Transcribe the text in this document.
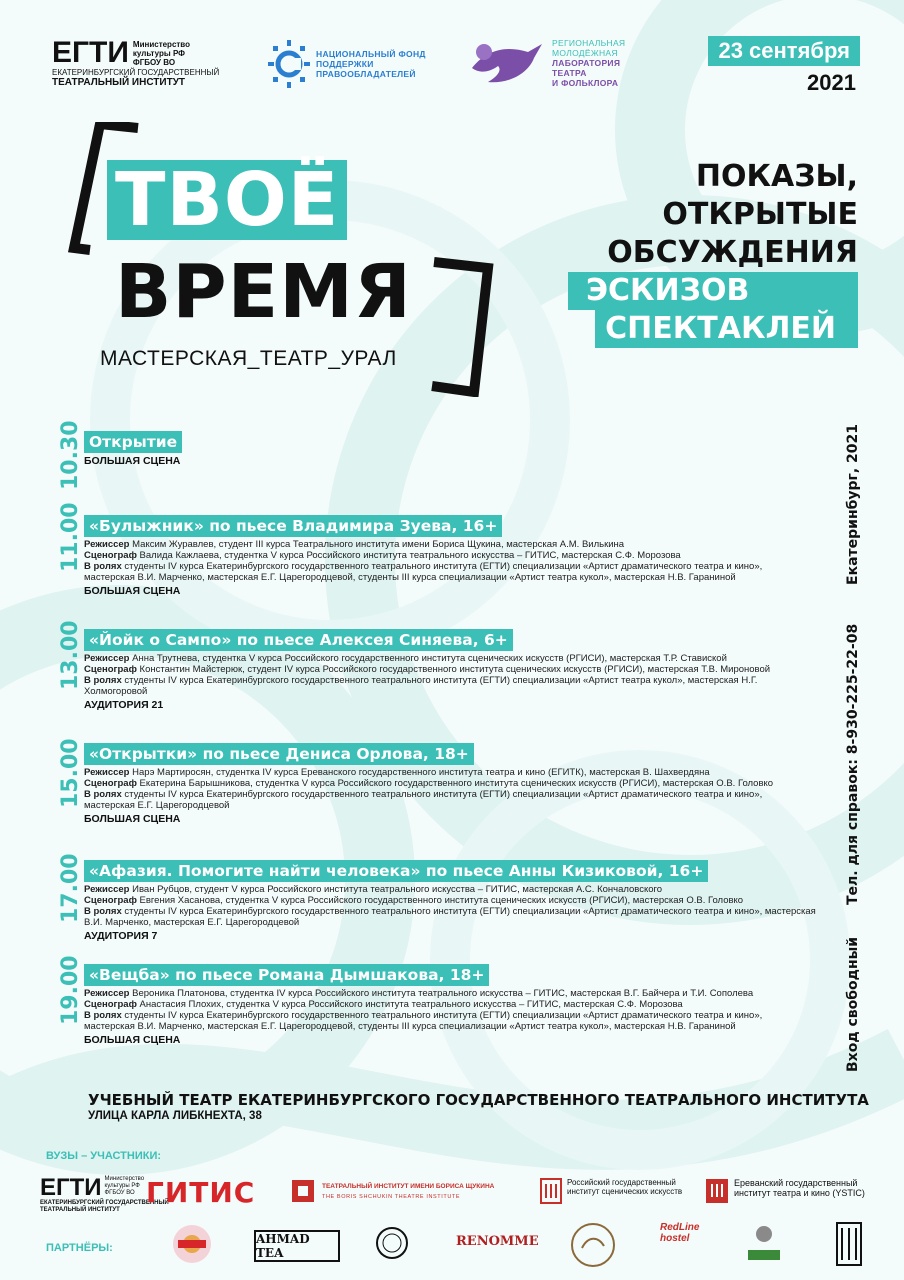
ЕГТИ Министерство культуры РФ
ФГБОУ ВО
ЕКАТЕРИНБУРГСКИЙ ГОСУДАРСТВЕННЫЙ
ТЕАТРАЛЬНЫЙ ИНСТИТУТ
НАЦИОНАЛЬНЫЙ ФОНД
ПОДДЕРЖКИ
ПРАВООБЛАДАТЕЛЕЙ
РЕГИОНАЛЬНАЯ
МОЛОДЁЖНАЯ
ЛАБОРАТОРИЯ
ТЕАТРА
И ФОЛЬКЛОРА
23 сентября
2021
ТВОЁ
ВРЕМЯ
МАСТЕРСКАЯ_ТЕАТР_УРАЛ
ПОКАЗЫ,
ОТКРЫТЫЕ
ОБСУЖДЕНИЯ
ЭСКИЗОВ
СПЕКТАКЛЕЙ
Екатеринбург, 2021
Тел. для справок: 8-930-225-22-08
Вход свободный
10.30 Открытие
БОЛЬШАЯ СЦЕНА
11.00 «Булыжник» по пьесе Владимира Зуева, 16+
Режиссер Максим Журавлев, студент III курса Театрального института имени Бориса Щукина, мастерская А.М. Вилькина
Сценограф Валида Кажлаева, студентка V курса Российского института театрального искусства – ГИТИС, мастерская С.Ф. Морозова
В ролях студенты IV курса Екатеринбургского государственного театрального института (ЕГТИ) специализации «Артист драматического театра и кино», мастерская В.И. Марченко, мастерская Е.Г. Царегородцевой, студенты III курса специализации «Артист театра кукол», мастерская Н.В. Гараниной
БОЛЬШАЯ СЦЕНА
13.00 «Йойк о Сампо» по пьесе Алексея Синяева, 6+
Режиссер Анна Трутнева, студентка V курса Российского государственного института сценических искусств (РГИСИ), мастерская Т.Р. Ставиской
Сценограф Константин Майстерюк, студент IV курса Российского государственного института сценических искусств (РГИСИ), мастерская Т.В. Мироновой
В ролях студенты IV курса Екатеринбургского государственного театрального института (ЕГТИ) специализации «Артист театра кукол», мастерская Н.Г. Холмогоровой
АУДИТОРИЯ 21
15.00 «Открытки» по пьесе Дениса Орлова, 18+
Режиссер Нарэ Мартиросян, студентка IV курса Ереванского государственного института театра и кино (ЕГИТК), мастерская В. Шахвердяна
Сценограф Екатерина Барышникова, студентка V курса Российского государственного института сценических искусств (РГИСИ), мастерская О.В. Головко
В ролях студенты IV курса Екатеринбургского государственного театрального института (ЕГТИ) специализации «Артист драматического театра и кино», мастерская Е.Г. Царегородцевой
БОЛЬШАЯ СЦЕНА
17.00 «Афазия. Помогите найти человека» по пьесе Анны Кизиковой, 16+
Режиссер Иван Рубцов, студент V курса Российского института театрального искусства – ГИТИС, мастерская А.С. Кончаловского
Сценограф Евгения Хасанова, студентка V курса Российского государственного института сценических искусств (РГИСИ), мастерская О.В. Головко
В ролях студенты IV курса Екатеринбургского государственного театрального института (ЕГТИ) специализации «Артист драматического театра и кино», мастерская В.И. Марченко, мастерская Е.Г. Царегородцевой
АУДИТОРИЯ 7
19.00 «Вещба» по пьесе Романа Дымшакова, 18+
Режиссер Вероника Платонова, студентка IV курса Российского института театрального искусства – ГИТИС, мастерская В.Г. Байчера и Т.И. Сополева
Сценограф Анастасия Плохих, студентка V курса Российского института театрального искусства – ГИТИС, мастерская С.Ф. Морозова
В ролях студенты IV курса Екатеринбургского государственного театрального института (ЕГТИ) специализации «Артист драматического театра и кино», мастерская В.И. Марченко, мастерская Е.Г. Царегородцевой, студенты III курса специализации «Артист театра кукол», мастерская Н.В. Гараниной
БОЛЬШАЯ СЦЕНА
УЧЕБНЫЙ ТЕАТР ЕКАТЕРИНБУРГСКОГО ГОСУДАРСТВЕННОГО ТЕАТРАЛЬНОГО ИНСТИТУТА
УЛИЦА КАРЛА ЛИБКНЕХТА, 38
ВУЗЫ – УЧАСТНИКИ:
ЕГТИ Министерство культуры РФ
ФГБОУ ВО
ЕКАТЕРИНБУРГСКИЙ ГОСУДАРСТВЕННЫЙ
ТЕАТРАЛЬНЫЙ ИНСТИТУТ
ГИТИС	ТЕАТРАЛЬНЫЙ ИНСТИТУТ ИМЕНИ БОРИСА ЩУКИНА
THE BORIS SHCHUKIN THEATRE INSTITUTE
Российский государственный институт сценических искусств
Ереванский государственный институт театра и кино (YSTIC)
ПАРТНЁРЫ:
AHMAD TEA
RENOMME
RedLine hostel
